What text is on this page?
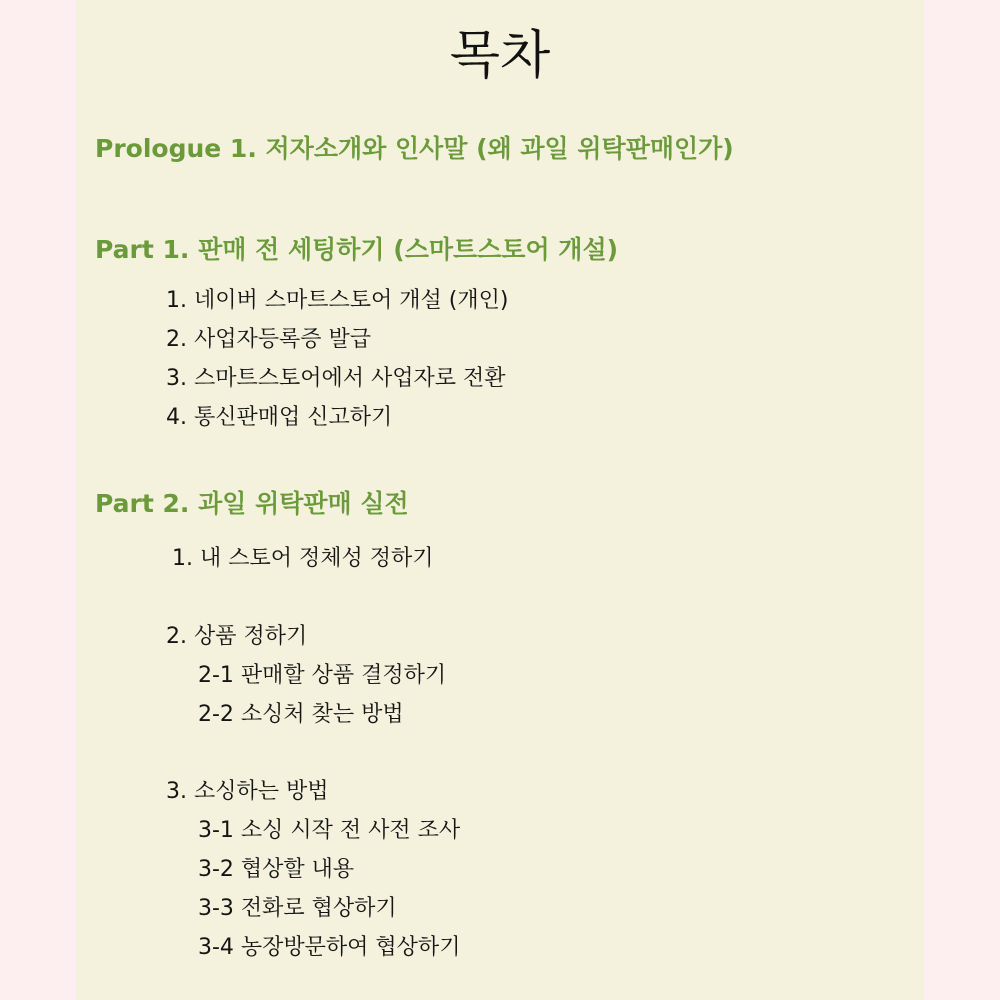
목차
Prologue 1. 저자소개와 인사말 (왜 과일 위탁판매인가)
Part 1. 판매 전 세팅하기 (스마트스토어 개설)
1. 네이버 스마트스토어 개설 (개인)
2. 사업자등록증 발급
3. 스마트스토어에서 사업자로 전환
4. 통신판매업 신고하기
Part 2. 과일 위탁판매 실전
1. 내 스토어 정체성 정하기
2. 상품 정하기
2-1 판매할 상품 결정하기
2-2 소싱처 찾는 방법
3. 소싱하는 방법
3-1 소싱 시작 전 사전 조사
3-2 협상할 내용
3-3 전화로 협상하기
3-4 농장방문하여 협상하기
